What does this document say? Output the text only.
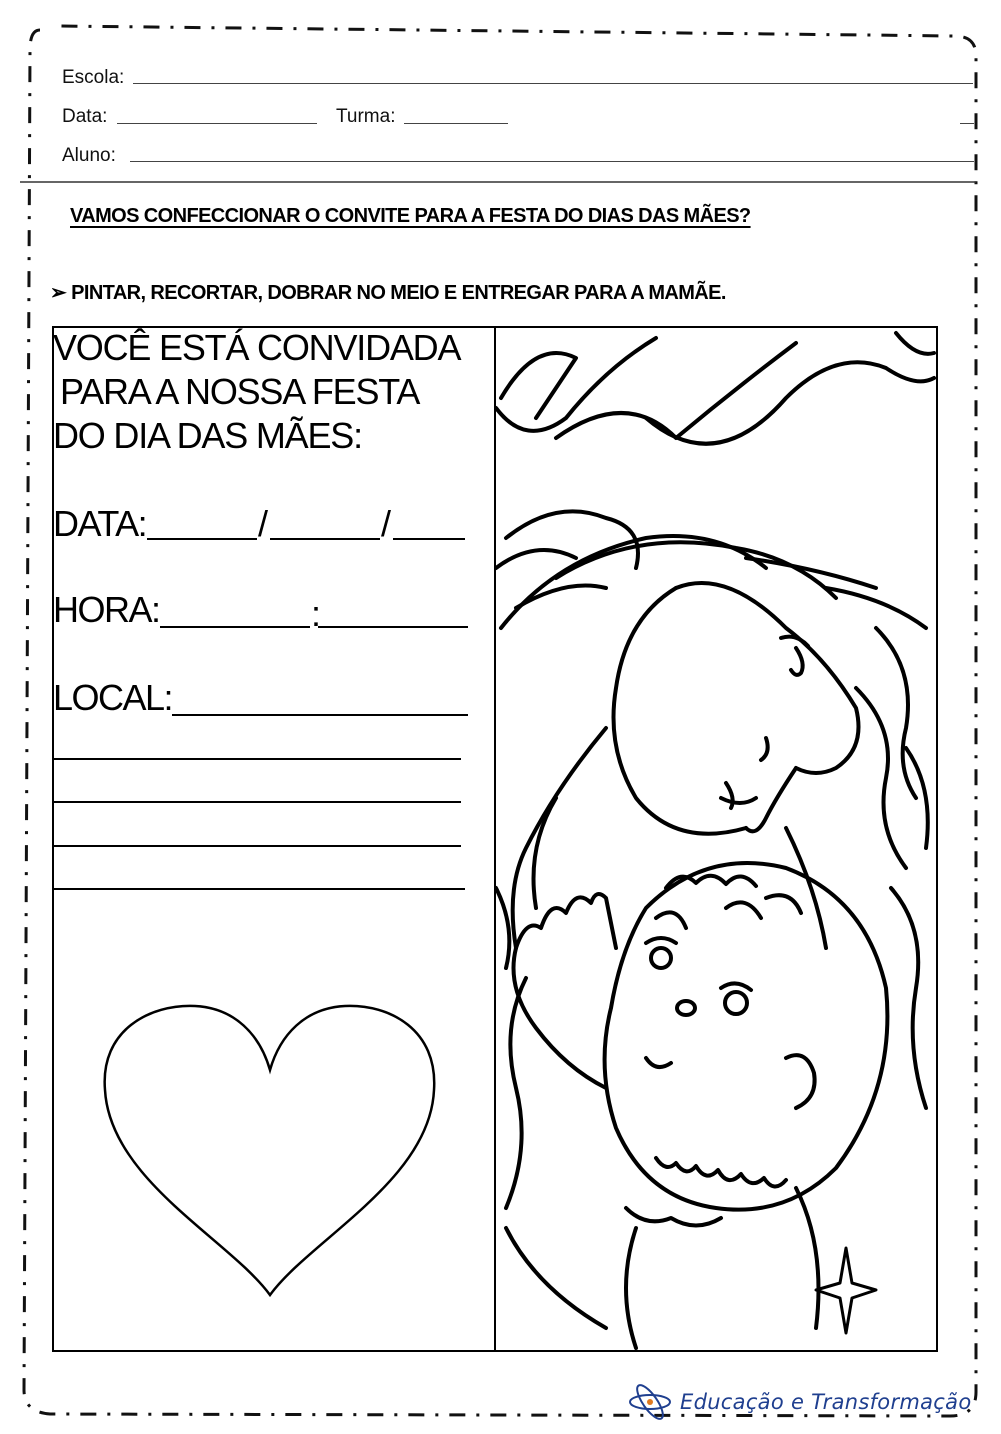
Escola:
Data:	Turma:
Aluno:
VAMOS CONFECCIONAR O CONVITE PARA A FESTA DO DIAS DAS MÃES?
➢ PINTAR, RECORTAR, DOBRAR NO MEIO E ENTREGAR PARA A MAMÃE.
VOCÊ ESTÁ CONVIDADA
PARA A NOSSA FESTA
DO DIA DAS MÃES:
DATA:	/	/
HORA:	:
LOCAL:
Educação e Transformação
